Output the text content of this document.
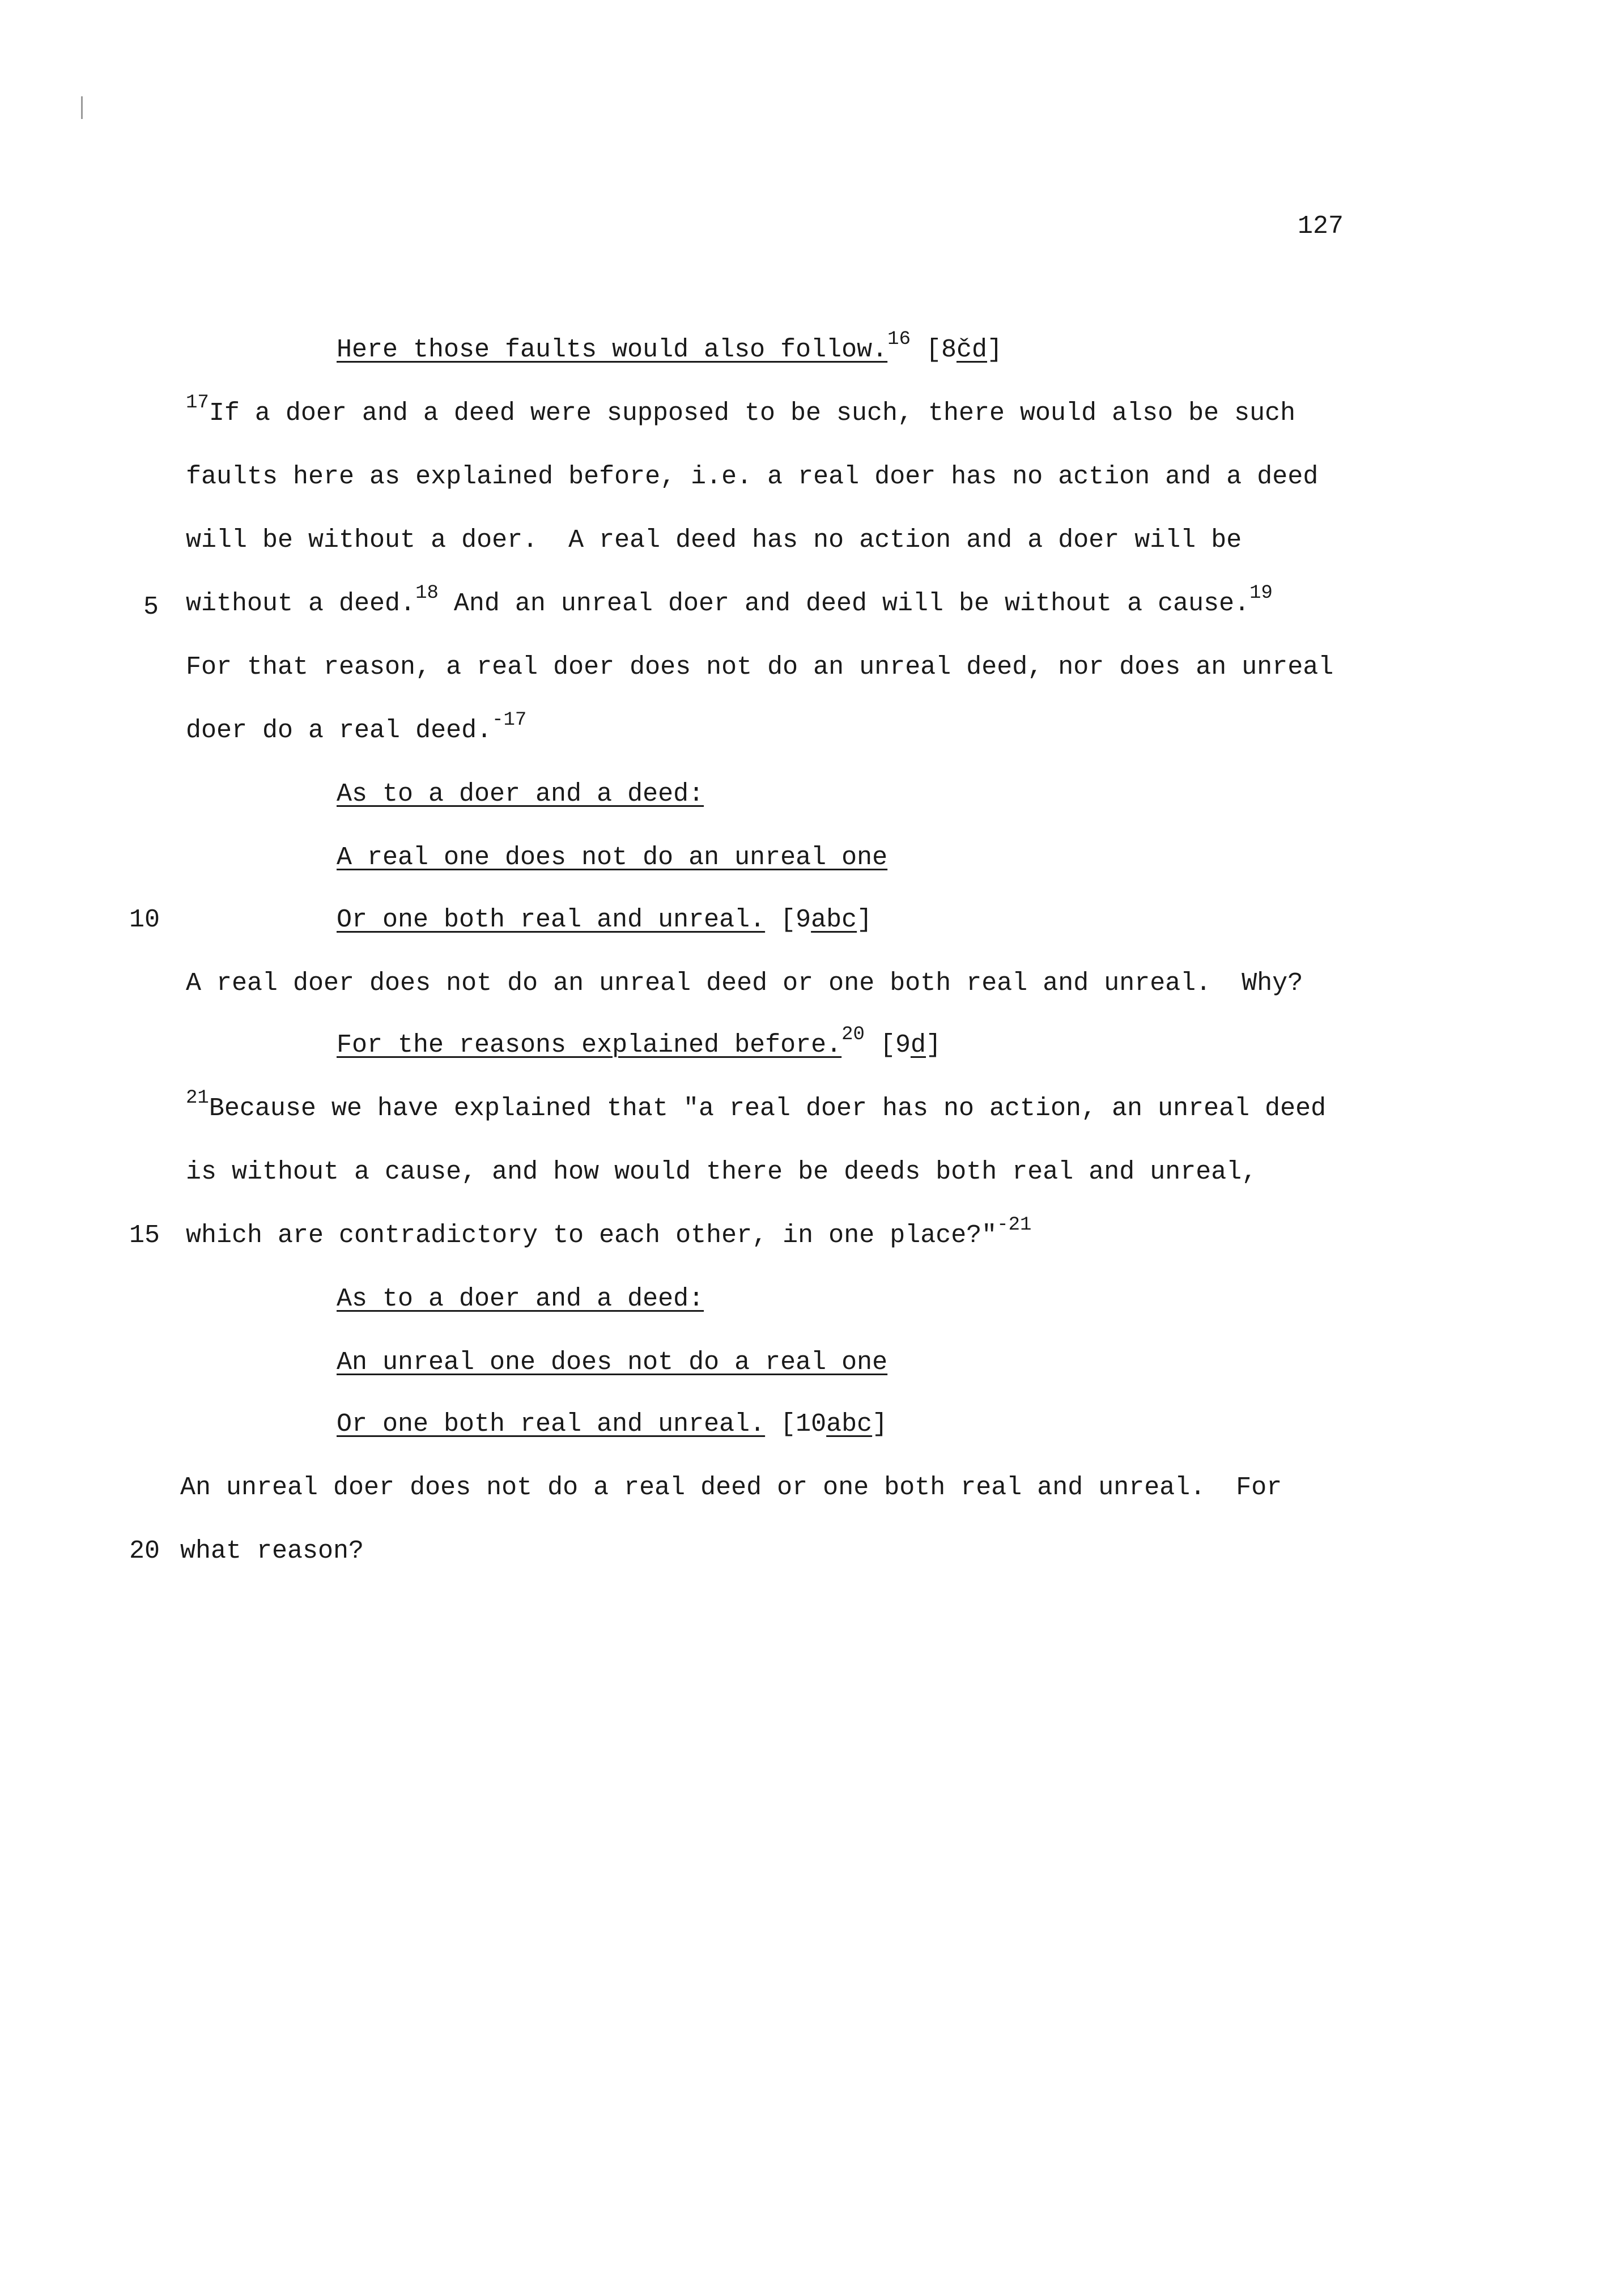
127
Here those faults would also follow.$^{16}$ [8čd]
$^{17}$If a doer and a deed were supposed to be such, there would also be such
faults here as explained before, i.e. a real doer has no action and a deed
will be without a doer.  A real deed has no action and a doer will be
5 without a deed.$^{18}$ And an unreal doer and deed will be without a cause.$^{19}$
For that reason, a real doer does not do an unreal deed, nor does an unreal
doer do a real deed.$^{-17}$
As to a doer and a deed:
A real one does not do an unreal one
10	Or one both real and unreal. [9abc]
A real doer does not do an unreal deed or one both real and unreal.  Why?
For the reasons explained before.$^{20}$ [9d]
$^{21}$Because we have explained that "a real doer has no action, an unreal deed
is without a cause, and how would there be deeds both real and unreal,
15 which are contradictory to each other, in one place?"$^{-21}$
As to a doer and a deed:
An unreal one does not do a real one
Or one both real and unreal. [10abc]
An unreal doer does not do a real deed or one both real and unreal.  For
20 what reason?
